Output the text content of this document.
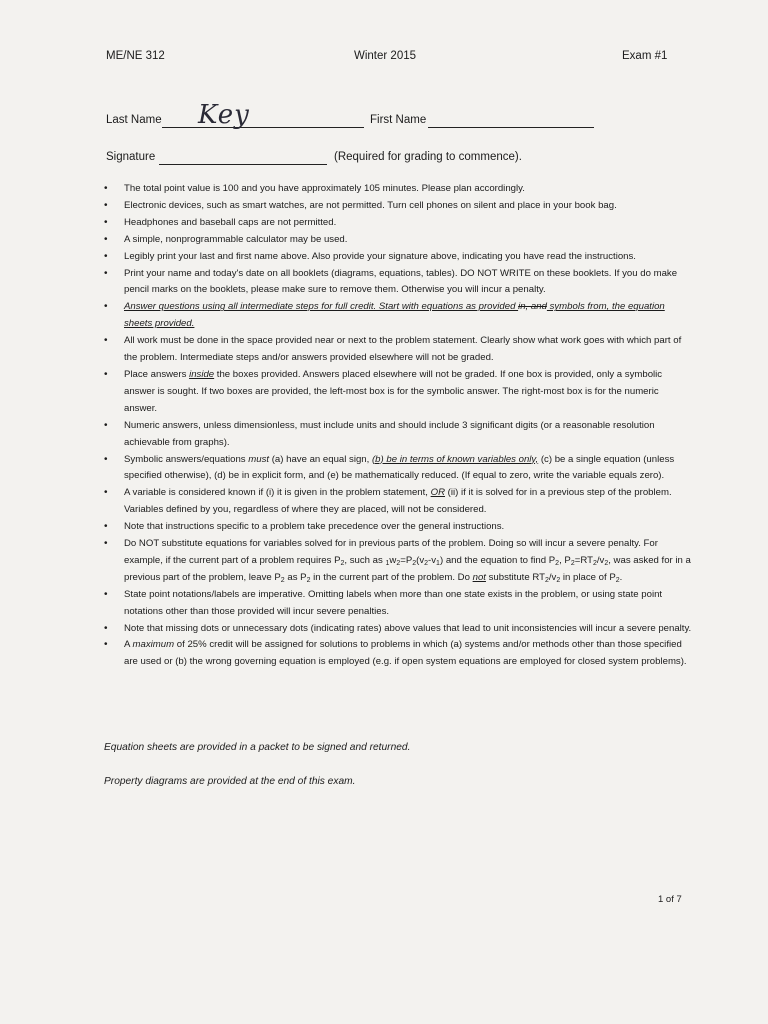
ME/NE 312	Winter 2015	Exam #1
Last Name Key	First Name
Signature	(Required for grading to commence).
• The total point value is 100 and you have approximately 105 minutes. Please plan accordingly.
• Electronic devices, such as smart watches, are not permitted. Turn cell phones on silent and place in your book bag.
• Headphones and baseball caps are not permitted.
• A simple, nonprogrammable calculator may be used.
• Legibly print your last and first name above. Also provide your signature above, indicating you have read the instructions.
• Print your name and today's date on all booklets (diagrams, equations, tables). DO NOT WRITE on these booklets. If you do make pencil marks on the booklets, please make sure to remove them. Otherwise you will incur a penalty.
• Answer questions using all intermediate steps for full credit. Start with equations as provided in, and symbols from, the equation sheets provided.
• All work must be done in the space provided near or next to the problem statement. Clearly show what work goes with which part of the problem. Intermediate steps and/or answers provided elsewhere will not be graded.
• Place answers inside the boxes provided. Answers placed elsewhere will not be graded. If one box is provided, only a symbolic answer is sought. If two boxes are provided, the left-most box is for the symbolic answer. The right-most box is for the numeric answer.
• Numeric answers, unless dimensionless, must include units and should include 3 significant digits (or a reasonable resolution achievable from graphs).
• Symbolic answers/equations must (a) have an equal sign, (b) be in terms of known variables only, (c) be a single equation (unless specified otherwise), (d) be in explicit form, and (e) be mathematically reduced. (If equal to zero, write the variable equals zero).
• A variable is considered known if (i) it is given in the problem statement, OR (ii) if it is solved for in a previous step of the problem. Variables defined by you, regardless of where they are placed, will not be considered.
• Note that instructions specific to a problem take precedence over the general instructions.
• Do NOT substitute equations for variables solved for in previous parts of the problem. Doing so will incur a severe penalty. For example, if the current part of a problem requires $P_2$, such as $_1w_2=P_2(v_2-v_1)$ and the equation to find $P_2$, $P_2=RT_2/v_2$, was asked for in a previous part of the problem, leave $P_2$ as $P_2$ in the current part of the problem. Do not substitute $RT_2/v_2$ in place of $P_2$.
• State point notations/labels are imperative. Omitting labels when more than one state exists in the problem, or using state point notations other than those provided will incur severe penalties.
• Note that missing dots or unnecessary dots (indicating rates) above values that lead to unit inconsistencies will incur a severe penalty.
• A maximum of 25% credit will be assigned for solutions to problems in which (a) systems and/or methods other than those specified are used or (b) the wrong governing equation is employed (e.g. if open system equations are employed for closed system problems).
Equation sheets are provided in a packet to be signed and returned.
Property diagrams are provided at the end of this exam.
1 of 7
